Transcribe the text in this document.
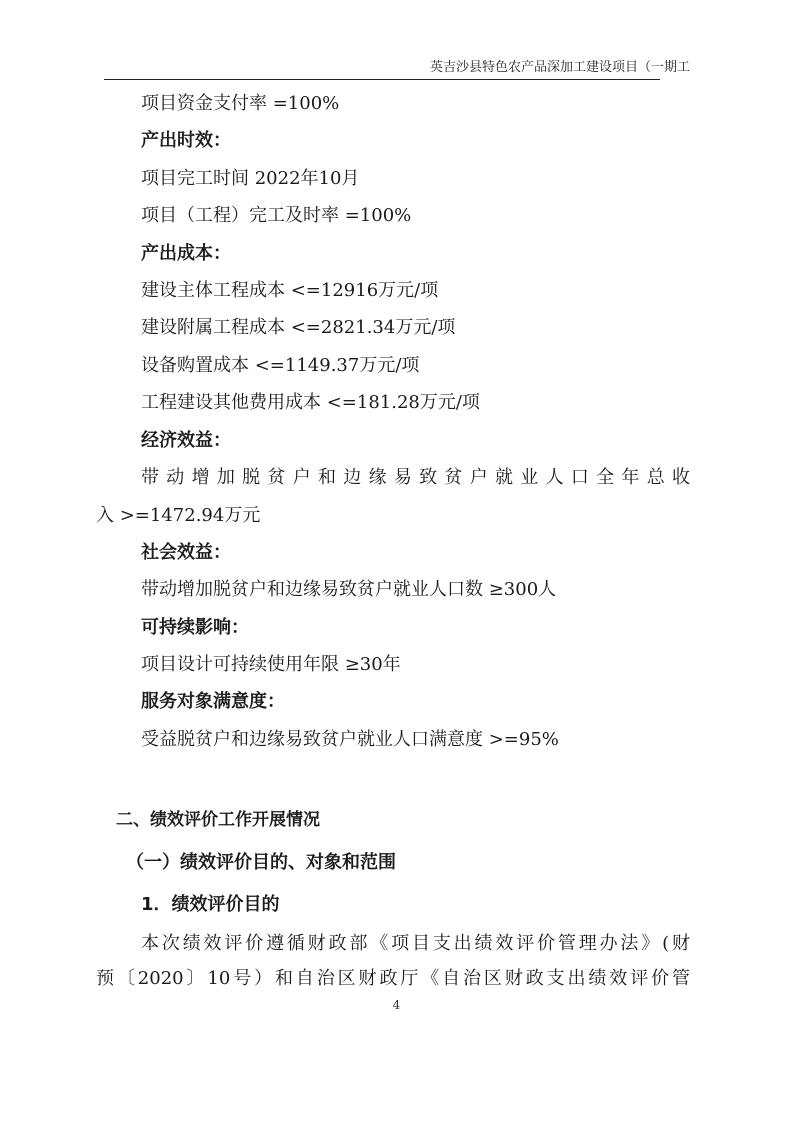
英吉沙县特色农产品深加工建设项目（一期工
项目资金支付率 =100%
产出时效：
项目完工时间 2022年10月
项目（工程）完工及时率 =100%
产出成本：
建设主体工程成本 <=12916万元/项
建设附属工程成本 <=2821.34万元/项
设备购置成本 <=1149.37万元/项
工程建设其他费用成本 <=181.28万元/项
经济效益：
带动增加脱贫户和边缘易致贫户就业人口全年总收
入 >=1472.94万元
社会效益：
带动增加脱贫户和边缘易致贫户就业人口数 ≥300人
可持续影响：
项目设计可持续使用年限 ≥30年
服务对象满意度：
受益脱贫户和边缘易致贫户就业人口满意度 >=95%
二、绩效评价工作开展情况
（一）绩效评价目的、对象和范围
1．绩效评价目的
本次绩效评价遵循财政部《项目支出绩效评价管理办法》(财
预〔2020〕10号）和自治区财政厅《自治区财政支出绩效评价管
4
